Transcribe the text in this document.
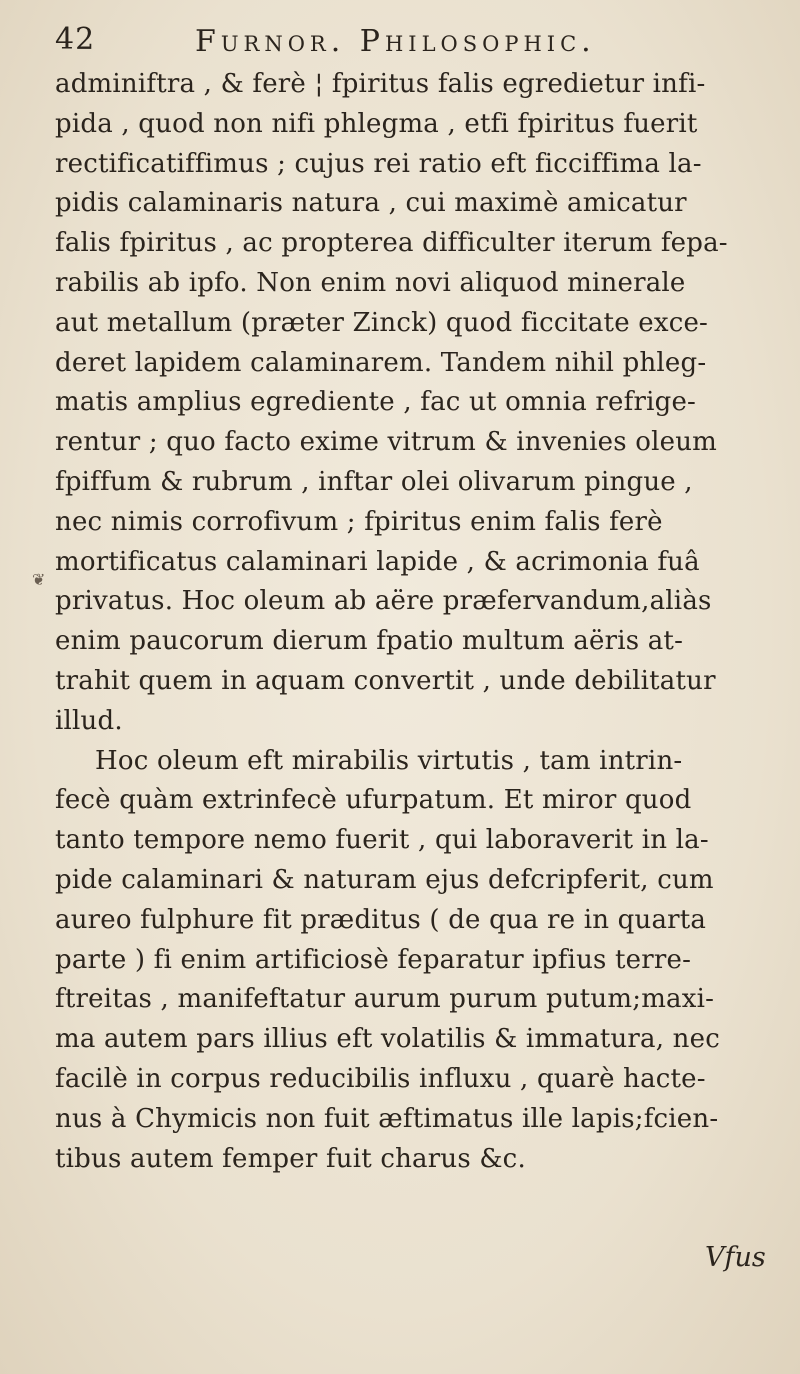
42	Furnor. Philosophic.
❦
adminiftra , & ferè ¦ fpiritus falis egredietur infi-
pida , quod non nifi phlegma , etfi fpiritus fuerit
rectificatiffimus ; cujus rei ratio eft ficciffima la-
pidis calaminaris natura , cui maximè amicatur
falis fpiritus , ac propterea difficulter iterum fepa-
rabilis ab ipfo. Non enim novi aliquod minerale
aut metallum (præter Zinck) quod ficcitate exce-
deret lapidem calaminarem. Tandem nihil phleg-
matis amplius egrediente , fac ut omnia refrige-
rentur ; quo facto exime vitrum & invenies oleum
fpiffum & rubrum , inftar olei olivarum pingue ,
nec nimis corrofivum ; fpiritus enim falis ferè
mortificatus calaminari lapide , & acrimonia fuâ
privatus. Hoc oleum ab aëre præfervandum,aliàs
enim paucorum dierum fpatio multum aëris at-
trahit quem in aquam convertit , unde debilitatur
illud.
Hoc oleum eft mirabilis virtutis , tam intrin-
fecè quàm extrinfecè ufurpatum. Et miror quod
tanto tempore nemo fuerit , qui laboraverit in la-
pide calaminari & naturam ejus defcripferit, cum
aureo fulphure fit præditus ( de qua re in quarta
parte ) fi enim artificiosè feparatur ipfius terre-
ftreitas , manifeftatur aurum purum putum;maxi-
ma autem pars illius eft volatilis & immatura, nec
facilè in corpus reducibilis influxu , quarè hacte-
nus à Chymicis non fuit æftimatus ille lapis;fcien-
tibus autem femper fuit charus &c.
Vfus
